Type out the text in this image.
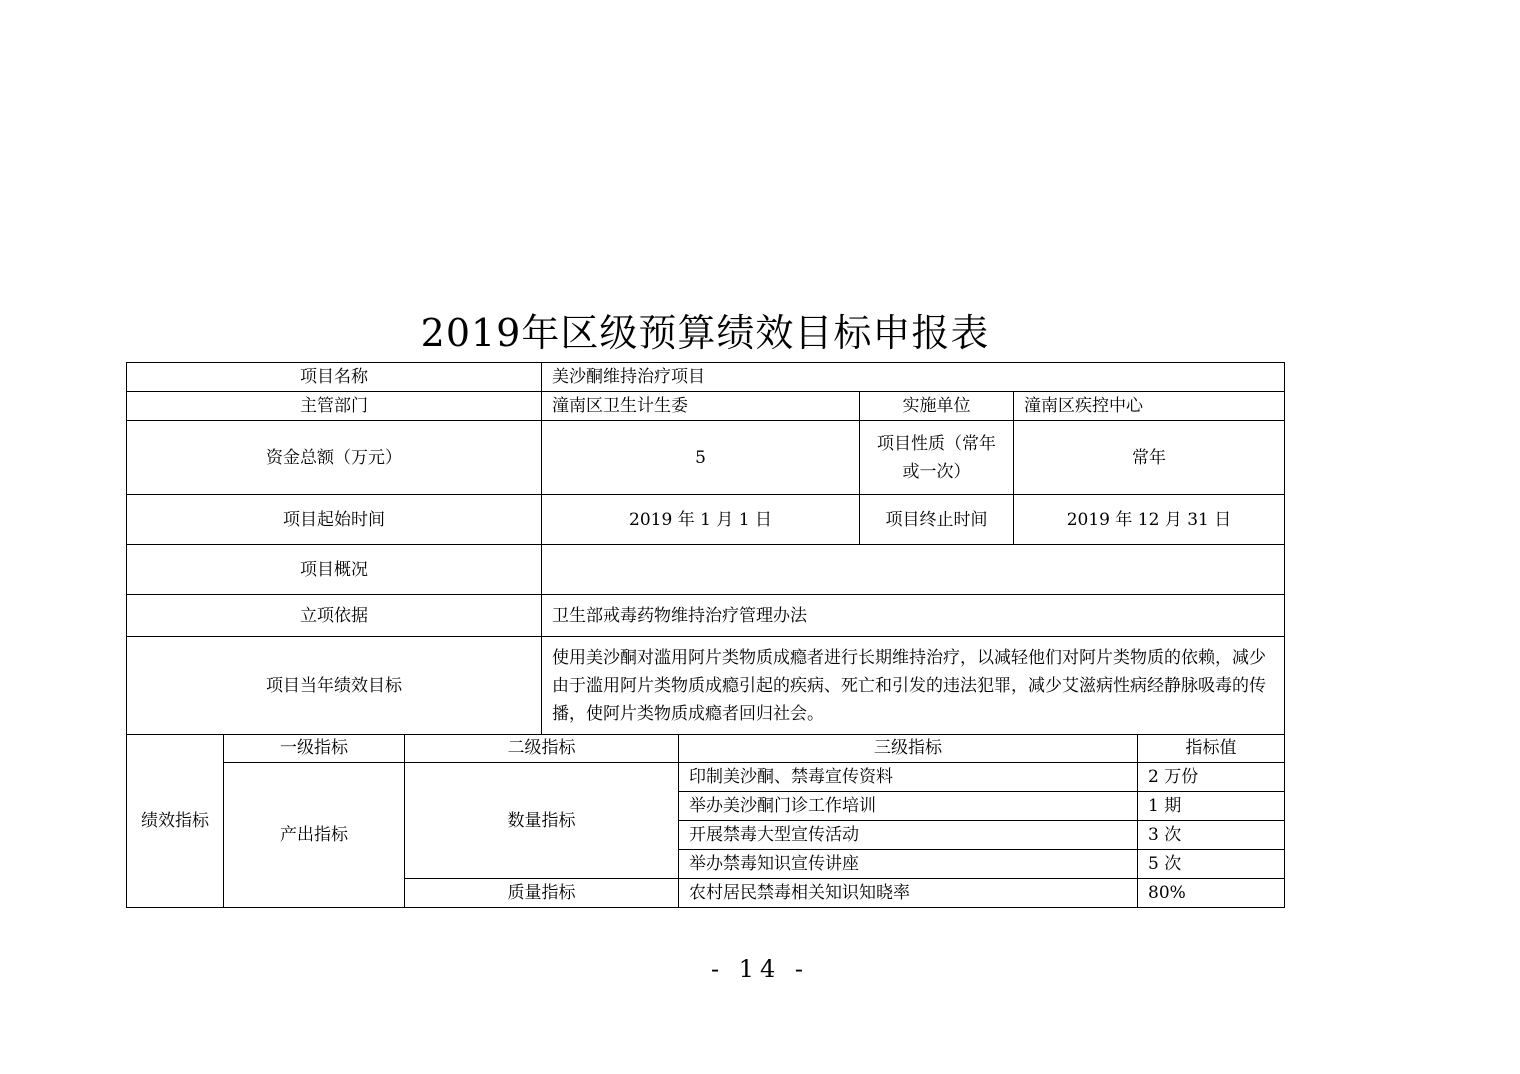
2019年区级预算绩效目标申报表
项目名称	美沙酮维持治疗项目		
主管部门	潼南区卫生计生委	实施单位	潼南区疾控中心
资金总额（万元）	5	项目性质（常年或一次）	常年
项目起始时间	2019 年 1 月 1 日	项目终止时间	2019 年 12 月 31 日
项目概况			
立项依据	卫生部戒毒药物维持治疗管理办法		
项目当年绩效目标	使用美沙酮对滥用阿片类物质成瘾者进行长期维持治疗，以减轻他们对阿片类物质的依赖，减少由于滥用阿片类物质成瘾引起的疾病、死亡和引发的违法犯罪，减少艾滋病性病经静脉吸毒的传播，使阿片类物质成瘾者回归社会。		
绩效指标	一级指标	二级指标	三级指标	指标值
	产出指标	数量指标	印制美沙酮、禁毒宣传资料	2 万份
			举办美沙酮门诊工作培训	1 期
			开展禁毒大型宣传活动	3 次
			举办禁毒知识宣传讲座	5 次
		质量指标	农村居民禁毒相关知识知晓率	80%
- 14 -
